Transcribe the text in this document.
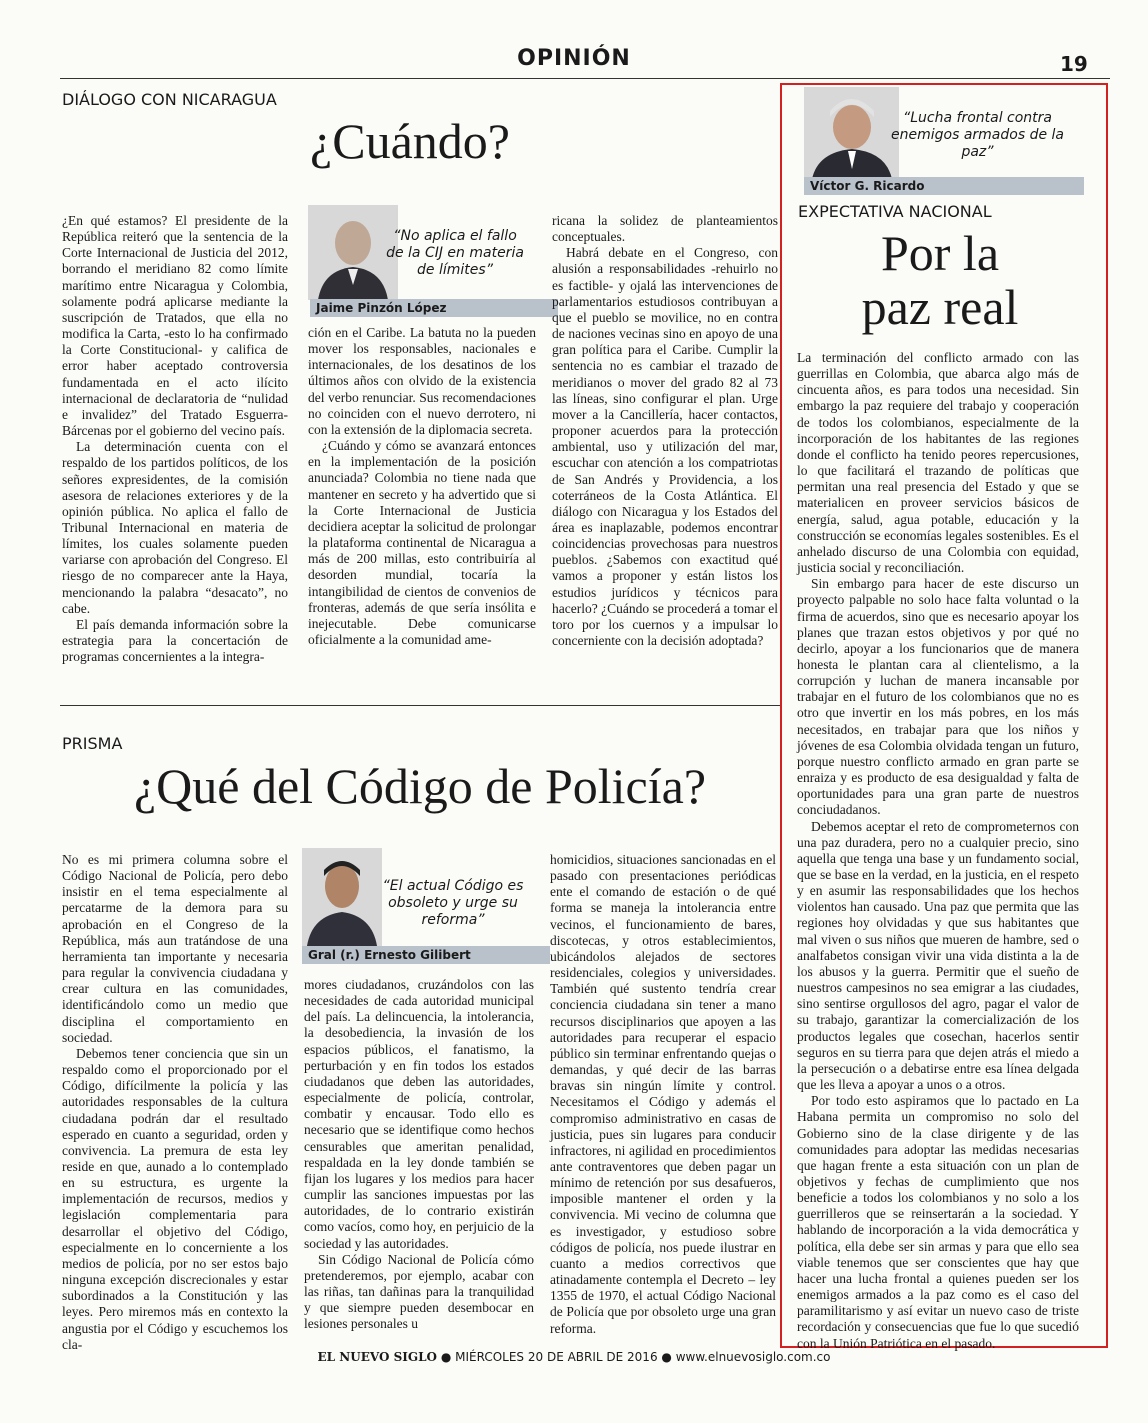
OPINIÓN	19
DIÁLOGO CON NICARAGUA
¿Cuándo?

¿En qué estamos? El presidente de la República reiteró que la sentencia de la Corte Internacional de Justicia del 2012, borrando el meridiano 82 como límite marítimo entre Nicaragua y Colombia, solamente podrá aplicarse mediante la suscripción de Tratados, que ella no modifica la Carta, -esto lo ha confirmado la Corte Constitucional- y califica de error haber aceptado controversia fundamentada en el acto ilícito internacional de declaratoria de “nulidad e invalidez” del Tratado Esguerra-Bárcenas por el gobierno del vecino país.

La determinación cuenta con el respaldo de los partidos políticos, de los señores expresidentes, de la comisión asesora de relaciones exteriores y de la opinión pública. No aplica el fallo de Tribunal Internacional en materia de límites, los cuales solamente pueden variarse con aprobación del Congreso. El riesgo de no comparecer ante la Haya, mencionando la palabra “desacato”, no cabe.

El país demanda información sobre la estrategia para la concertación de programas concernientes a la integra-

Jaime Pinzón López
“No aplica el fallo de la CIJ en materia de límites”

ción en el Caribe. La batuta no la pueden mover los responsables, nacionales e internacionales, de los desatinos de los últimos años con olvido de la existencia del verbo renunciar. Sus recomendaciones no coinciden con el nuevo derrotero, ni con la extensión de la diplomacia secreta.

¿Cuándo y cómo se avanzará entonces en la implementación de la posición anunciada? Colombia no tiene nada que mantener en secreto y ha advertido que si la Corte Internacional de Justicia decidiera aceptar la solicitud de prolongar la plataforma continental de Nicaragua a más de 200 millas, esto contribuiría al desorden mundial, tocaría la intangibilidad de cientos de convenios de fronteras, además de que sería insólita e inejecutable. Debe comunicarse oficialmente a la comunidad ame-

ricana la solidez de planteamientos conceptuales.

Habrá debate en el Congreso, con alusión a responsabilidades -rehuirlo no es factible- y ojalá las intervenciones de parlamentarios estudiosos contribuyan a que el pueblo se movilice, no en contra de naciones vecinas sino en apoyo de una gran política para el Caribe. Cumplir la sentencia no es cambiar el trazado de meridianos o mover del grado 82 al 73 las líneas, sino configurar el plan. Urge mover a la Cancillería, hacer contactos, proponer acuerdos para la protección ambiental, uso y utilización del mar, escuchar con atención a los compatriotas de San Andrés y Providencia, a los coterráneos de la Costa Atlántica. El diálogo con Nicaragua y los Estados del área es inaplazable, podemos encontrar coincidencias provechosas para nuestros pueblos. ¿Sabemos con exactitud qué vamos a proponer y están listos los estudios jurídicos y técnicos para hacerlo? ¿Cuándo se procederá a tomar el toro por los cuernos y a impulsar lo concerniente con la decisión adoptada?

PRISMA
¿Qué del Código de Policía?

No es mi primera columna sobre el Código Nacional de Policía, pero debo insistir en el tema especialmente al percatarme de la demora para su aprobación en el Congreso de la República, más aun tratándose de una herramienta tan importante y necesaria para regular la convivencia ciudadana y crear cultura en las comunidades, identificándolo como un medio que disciplina el comportamiento en sociedad.

Debemos tener conciencia que sin un respaldo como el proporcionado por el Código, difícilmente la policía y las autoridades responsables de la cultura ciudadana podrán dar el resultado esperado en cuanto a seguridad, orden y convivencia. La premura de esta ley reside en que, aunado a lo contemplado en su estructura, es urgente la implementación de recursos, medios y legislación complementaria para desarrollar el objetivo del Código, especialmente en lo concerniente a los medios de policía, por no ser estos bajo ninguna excepción discrecionales y estar subordinados a la Constitución y las leyes. Pero miremos más en contexto la angustia por el Código y escuchemos los cla-

Gral (r.) Ernesto Gilibert
“El actual Código es obsoleto y urge su reforma”

mores ciudadanos, cruzándolos con las necesidades de cada autoridad municipal del país. La delincuencia, la intolerancia, la desobediencia, la invasión de los espacios públicos, el fanatismo, la perturbación y en fin todos los estados ciudadanos que deben las autoridades, especialmente de policía, controlar, combatir y encausar. Todo ello es necesario que se identifique como hechos censurables que ameritan penalidad, respaldada en la ley donde también se fijan los lugares y los medios para hacer cumplir las sanciones impuestas por las autoridades, de lo contrario existirán como vacíos, como hoy, en perjuicio de la sociedad y las autoridades.

Sin Código Nacional de Policía cómo pretenderemos, por ejemplo, acabar con las riñas, tan dañinas para la tranquilidad y que siempre pueden desembocar en lesiones personales u

homicidios, situaciones sancionadas en el pasado con presentaciones periódicas ente el comando de estación o de qué forma se maneja la intolerancia entre vecinos, el funcionamiento de bares, discotecas, y otros establecimientos, ubicándolos alejados de sectores residenciales, colegios y universidades. También qué sustento tendría crear conciencia ciudadana sin tener a mano recursos disciplinarios que apoyen a las autoridades para recuperar el espacio público sin terminar enfrentando quejas o demandas, y qué decir de las barras bravas sin ningún límite y control. Necesitamos el Código y además el compromiso administrativo en casas de justicia, pues sin lugares para conducir infractores, ni agilidad en procedimientos ante contraventores que deben pagar un mínimo de retención por sus desafueros, imposible mantener el orden y la convivencia. Mi vecino de columna que es investigador, y estudioso sobre códigos de policía, nos puede ilustrar en cuanto a medios correctivos que atinadamente contempla el Decreto – ley 1355 de 1970, el actual Código Nacional de Policía que por obsoleto urge una gran reforma.

Víctor G. Ricardo
“Lucha frontal contra enemigos armados de la paz”
EXPECTATIVA NACIONAL
Por la
paz real

La terminación del conflicto armado con las guerrillas en Colombia, que abarca algo más de cincuenta años, es para todos una necesidad. Sin embargo la paz requiere del trabajo y cooperación de todos los colombianos, especialmente de la incorporación de los habitantes de las regiones donde el conflicto ha tenido peores repercusiones, lo que facilitará el trazando de políticas que permitan una real presencia del Estado y que se materialicen en proveer servicios básicos de energía, salud, agua potable, educación y la construcción se economías legales sostenibles. Es el anhelado discurso de una Colombia con equidad, justicia social y reconciliación.

Sin embargo para hacer de este discurso un proyecto palpable no solo hace falta voluntad o la firma de acuerdos, sino que es necesario apoyar los planes que trazan estos objetivos y por qué no decirlo, apoyar a los funcionarios que de manera honesta le plantan cara al clientelismo, a la corrupción y luchan de manera incansable por trabajar en el futuro de los colombianos que no es otro que invertir en los más pobres, en los más necesitados, en trabajar para que los niños y jóvenes de esa Colombia olvidada tengan un futuro, porque nuestro conflicto armado en gran parte se enraiza y es producto de esa desigualdad y falta de oportunidades para una gran parte de nuestros conciudadanos.

Debemos aceptar el reto de comprometernos con una paz duradera, pero no a cualquier precio, sino aquella que tenga una base y un fundamento social, que se base en la verdad, en la justicia, en el respeto y en asumir las responsabilidades que los hechos violentos han causado. Una paz que permita que las regiones hoy olvidadas y que sus habitantes que mal viven o sus niños que mueren de hambre, sed o analfabetos consigan vivir una vida distinta a la de los abusos y la guerra. Permitir que el sueño de nuestros campesinos no sea emigrar a las ciudades, sino sentirse orgullosos del agro, pagar el valor de su trabajo, garantizar la comercialización de los productos legales que cosechan, hacerlos sentir seguros en su tierra para que dejen atrás el miedo a la persecución o a debatirse entre esa línea delgada que les lleva a apoyar a unos o a otros.

Por todo esto aspiramos que lo pactado en La Habana permita un compromiso no solo del Gobierno sino de la clase dirigente y de las comunidades para adoptar las medidas necesarias que hagan frente a esta situación con un plan de objetivos y fechas de cumplimiento que nos beneficie a todos los colombianos y no solo a los guerrilleros que se reinsertarán a la sociedad. Y hablando de incorporación a la vida democrática y política, ella debe ser sin armas y para que ello sea viable tenemos que ser conscientes que hay que hacer una lucha frontal a quienes pueden ser los enemigos armados a la paz como es el caso del paramilitarismo y así evitar un nuevo caso de triste recordación y consecuencias que fue lo que sucedió con la Unión Patriótica en el pasado.

EL NUEVO SIGLO ● MIÉRCOLES 20 DE ABRIL DE 2016 ● www.elnuevosiglo.com.co
